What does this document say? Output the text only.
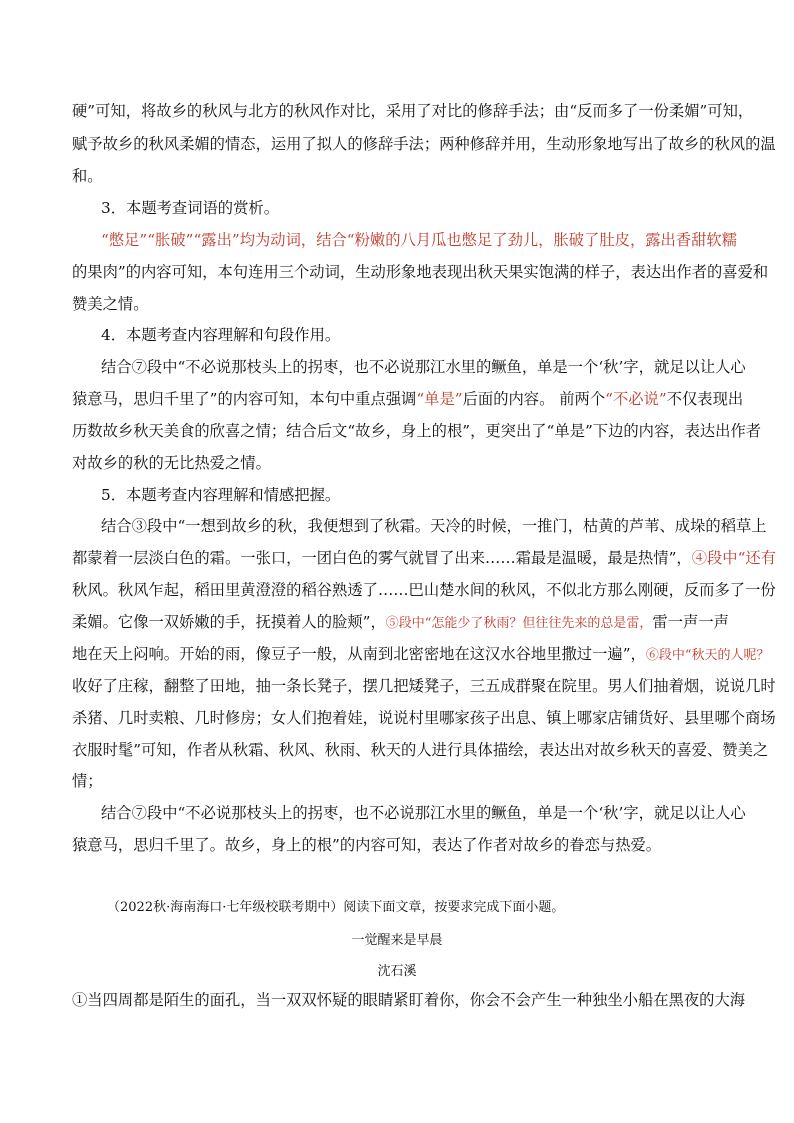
硬”可知，将故乡的秋风与北方的秋风作对比，采用了对比的修辞手法；由“反而多了一份柔媚”可知，
赋予故乡的秋风柔媚的情态，运用了拟人的修辞手法；两种修辞并用，生动形象地写出了故乡的秋风的温
和。
3．本题考查词语的赏析。
“憋足”“胀破”“露出”均为动词，结合“粉嫩的八月瓜也憋足了劲儿，胀破了肚皮，露出香甜软糯
的果肉”的内容可知，本句连用三个动词，生动形象地表现出秋天果实饱满的样子，表达出作者的喜爱和
赞美之情。
4．本题考查内容理解和句段作用。
结合⑦段中“不必说那枝头上的拐枣，也不必说那江水里的鳜鱼，单是一个‘秋’字，就足以让人心
猿意马，思归千里了”的内容可知，本句中重点强调“单是”后面的内容。 前两个“不必说”不仅表现出
历数故乡秋天美食的欣喜之情；结合后文“故乡，身上的根”，更突出了“单是”下边的内容，表达出作者
对故乡的秋的无比热爱之情。
5．本题考查内容理解和情感把握。
结合③段中“一想到故乡的秋，我便想到了秋霜。天冷的时候，一推门，枯黄的芦苇、成垛的稻草上
都蒙着一层淡白色的霜。一张口，一团白色的雾气就冒了出来……霜最是温暖，最是热情”，④段中“还有
秋风。秋风乍起，稻田里黄澄澄的稻谷熟透了……巴山楚水间的秋风，不似北方那么刚硬，反而多了一份
柔媚。它像一双娇嫩的手，抚摸着人的脸颊”，⑤段中“怎能少了秋雨？但往往先来的总是雷，雷一声一声
地在天上闷响。开始的雨，像豆子一般，从南到北密密地在这汉水谷地里撒过一遍”，⑥段中“秋天的人呢？
收好了庄稼，翻整了田地，抽一条长凳子，摆几把矮凳子，三五成群聚在院里。男人们抽着烟，说说几时
杀猪、几时卖粮、几时修房；女人们抱着娃，说说村里哪家孩子出息、镇上哪家店铺货好、县里哪个商场
衣服时髦”可知，作者从秋霜、秋风、秋雨、秋天的人进行具体描绘，表达出对故乡秋天的喜爱、赞美之
情；
结合⑦段中“不必说那枝头上的拐枣，也不必说那江水里的鳜鱼，单是一个‘秋’字，就足以让人心
猿意马，思归千里了。故乡，身上的根”的内容可知，表达了作者对故乡的眷恋与热爱。
（2022秋·海南海口·七年级校联考期中）阅读下面文章，按要求完成下面小题。
一觉醒来是早晨
沈石溪
①当四周都是陌生的面孔，当一双双怀疑的眼睛紧盯着你，你会不会产生一种独坐小船在黑夜的大海
